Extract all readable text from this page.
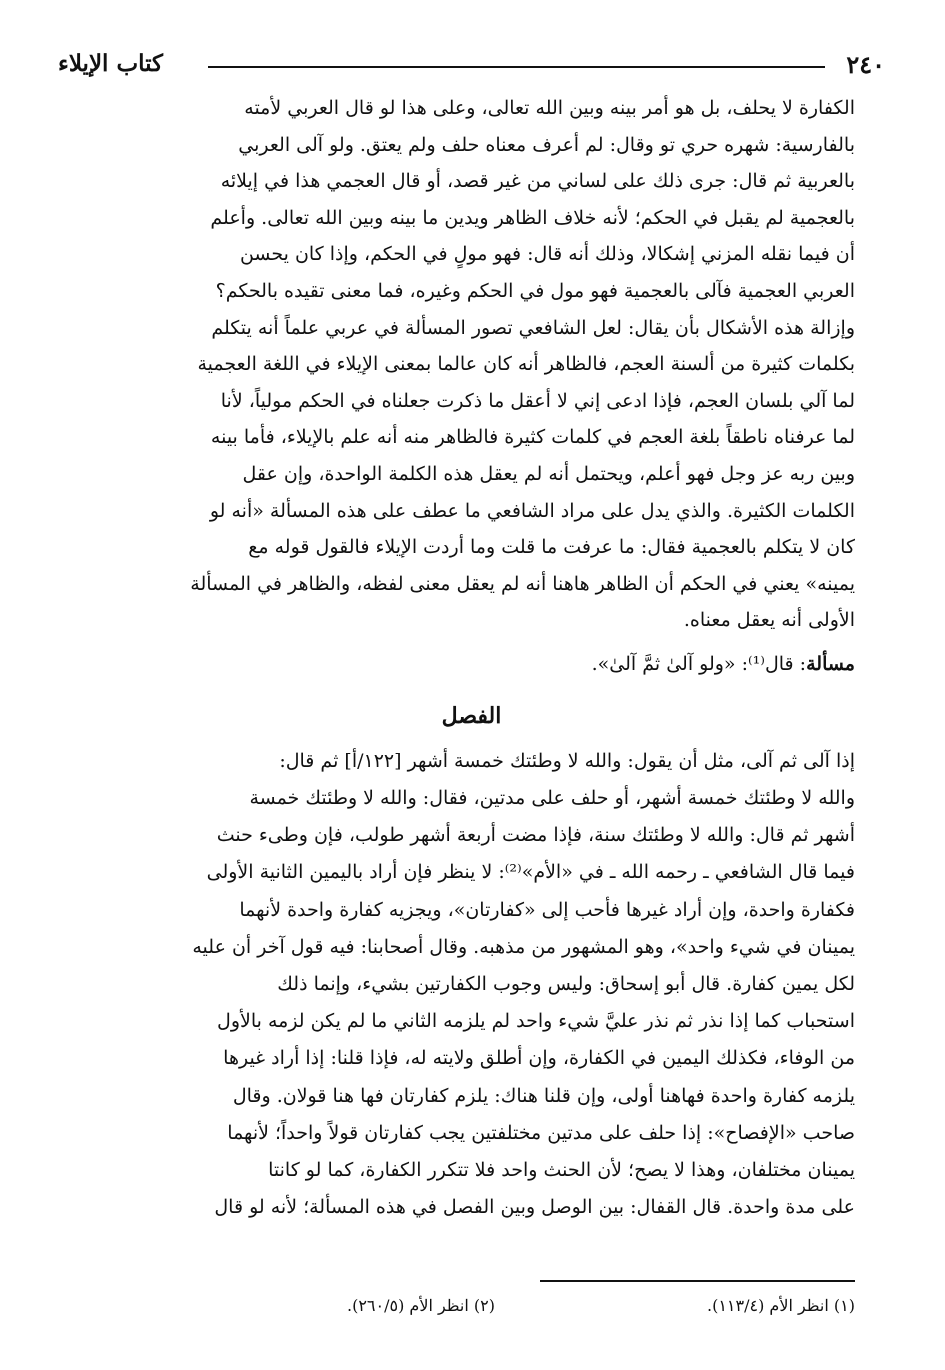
٢٤٠
كتاب الإيلاء
الكفارة لا يحلف، بل هو أمر بينه وبين الله تعالى، وعلى هذا لو قال العربي لأمته
بالفارسية: شهره حري تو وقال: لم أعرف معناه حلف ولم يعتق. ولو آلى العربي
بالعربية ثم قال: جرى ذلك على لساني من غير قصد، أو قال العجمي هذا في إيلائه
بالعجمية لم يقبل في الحكم؛ لأنه خلاف الظاهر ويدين ما بينه وبين الله تعالى. وأعلم
أن فيما نقله المزني إشكالا، وذلك أنه قال: فهو مولٍ في الحكم، وإذا كان يحسن
العربي العجمية فآلى بالعجمية فهو مول في الحكم وغيره، فما معنى تقيده بالحكم؟
وإزالة هذه الأشكال بأن يقال: لعل الشافعي تصور المسألة في عربي علماً أنه يتكلم
بكلمات كثيرة من ألسنة العجم، فالظاهر أنه كان عالما بمعنى الإيلاء في اللغة العجمية
لما آلي بلسان العجم، فإذا ادعى إني لا أعقل ما ذكرت جعلناه في الحكم مولياً، لأنا
لما عرفناه ناطقاً بلغة العجم في كلمات كثيرة فالظاهر منه أنه علم بالإيلاء، فأما بينه
وبين ربه عز وجل فهو أعلم، ويحتمل أنه لم يعقل هذه الكلمة الواحدة، وإن عقل
الكلمات الكثيرة. والذي يدل على مراد الشافعي ما عطف على هذه المسألة «أنه لو
كان لا يتكلم بالعجمية فقال: ما عرفت ما قلت وما أردت الإيلاء فالقول قوله مع
يمينه» يعني في الحكم أن الظاهر هاهنا أنه لم يعقل معنى لفظه، والظاهر في المسألة
الأولى أنه يعقل معناه.
مسألة: قال⁽¹⁾: «ولو آلىٰ ثمَّ آلىٰ».
الفصل
إذا آلى ثم آلى، مثل أن يقول: والله لا وطئتك خمسة أشهر [١٢٢/أ] ثم قال:
والله لا وطئتك خمسة أشهر، أو حلف على مدتين، فقال: والله لا وطئتك خمسة
أشهر ثم قال: والله لا وطئتك سنة، فإذا مضت أربعة أشهر طولب، فإن وطىء حنث
فيما قال الشافعي ـ رحمه الله ـ في «الأم»⁽²⁾: لا ينظر فإن أراد باليمين الثانية الأولى
فكفارة واحدة، وإن أراد غيرها فأحب إلى «كفارتان»، ويجزيه كفارة واحدة لأنهما
يمينان في شيء واحد»، وهو المشهور من مذهبه. وقال أصحابنا: فيه قول آخر أن عليه
لكل يمين كفارة. قال أبو إسحاق: وليس وجوب الكفارتين بشيء، وإنما ذلك
استحباب كما إذا نذر ثم نذر عليَّ شيء واحد لم يلزمه الثاني ما لم يكن لزمه بالأول
من الوفاء، فكذلك اليمين في الكفارة، وإن أطلق ولايته له، فإذا قلنا: إذا أراد غيرها
يلزمه كفارة واحدة فهاهنا أولى، وإن قلنا هناك: يلزم كفارتان فها هنا قولان. وقال
صاحب «الإفصاح»: إذا حلف على مدتين مختلفتين يجب كفارتان قولاً واحداً؛ لأنهما
يمينان مختلفان، وهذا لا يصح؛ لأن الحنث واحد فلا تتكرر الكفارة، كما لو كانتا
على مدة واحدة. قال القفال: بين الوصل وبين الفصل في هذه المسألة؛ لأنه لو قال
(١) انظر الأم (١١٣/٤).
(٢) انظر الأم (٢٦٠/٥).
